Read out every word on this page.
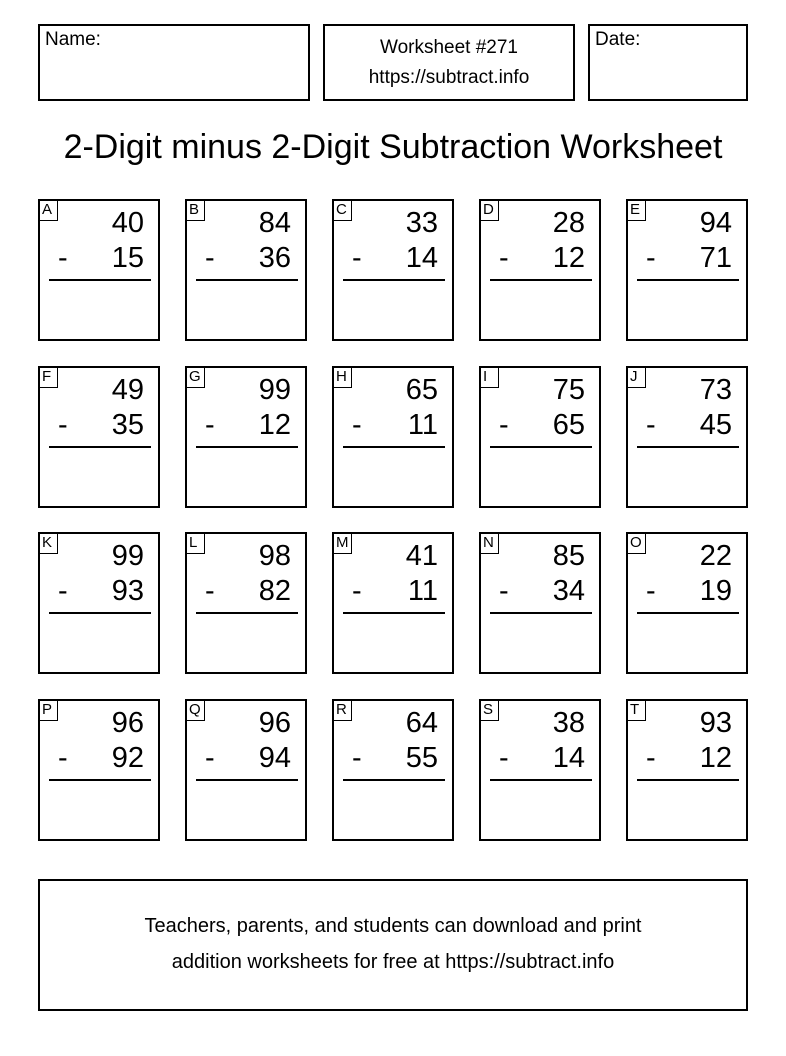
Name:	Worksheet #271
https://subtract.info
Date:
2-Digit minus 2-Digit Subtraction Worksheet
A 40
- 15
B 84
- 36
C 33
- 14
D 28
- 12
E 94
- 71
F 49
- 35
G 99
- 12
H 65
- 11
I	75
- 65
J 73
- 45
K 99
- 93
L 98
- 82
M 41
- 11
N 85
- 34
O 22
- 19
P 96
- 92
Q 96
- 94
R 64
- 55
S 38
- 14
T 93
- 12
Teachers, parents, and students can download and print
addition worksheets for free at https://subtract.info
